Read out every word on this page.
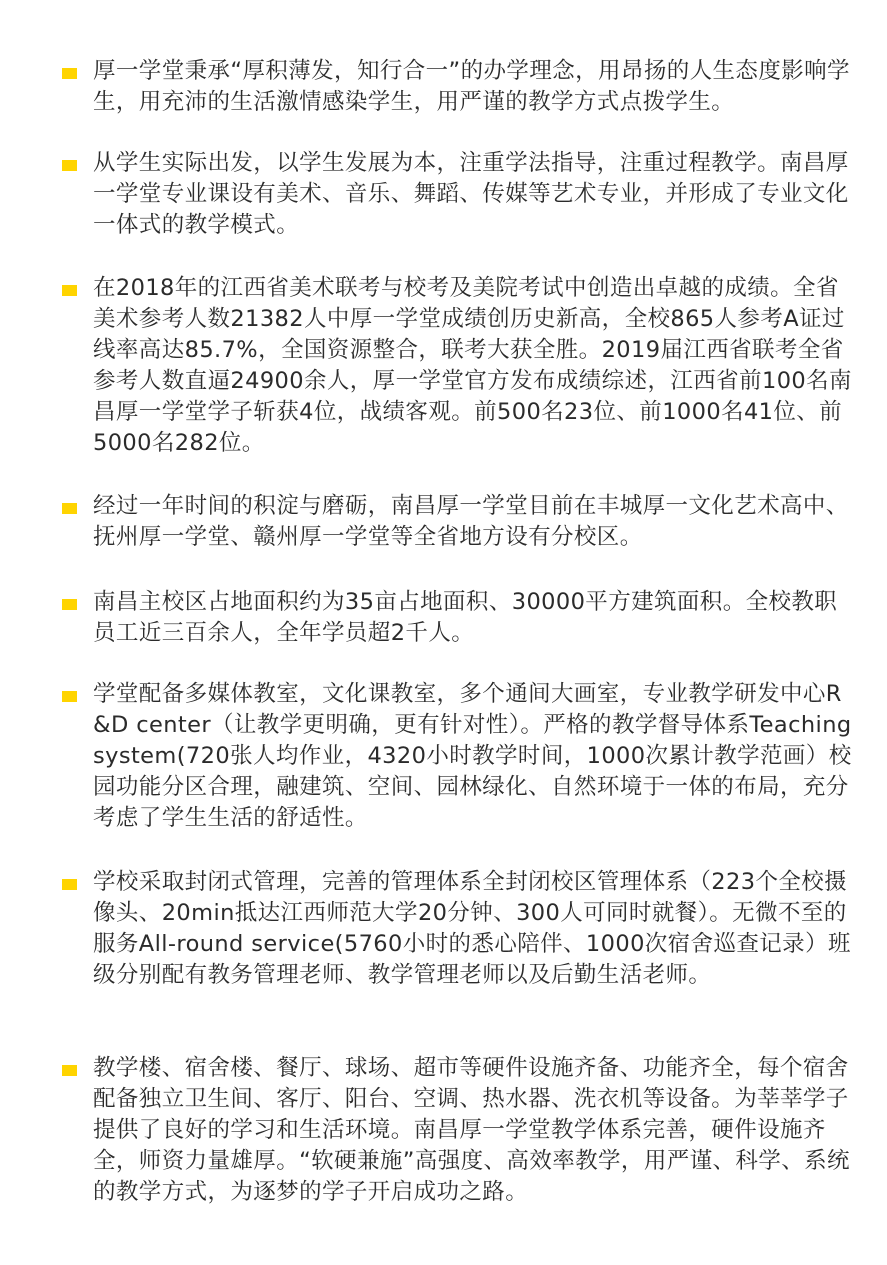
厚一学堂秉承“厚积薄发，知行合一”的办学理念，用昂扬的人生态度影响学生，用充沛的生活激情感染学生，用严谨的教学方式点拨学生。

从学生实际出发，以学生发展为本，注重学法指导，注重过程教学。南昌厚一学堂专业课设有美术、音乐、舞蹈、传媒等艺术专业，并形成了专业文化一体式的教学模式。

在2018年的江西省美术联考与校考及美院考试中创造出卓越的成绩。全省美术参考人数21382人中厚一学堂成绩创历史新高，全校865人参考A证过线率高达85.7%，全国资源整合，联考大获全胜。2019届江西省联考全省参考人数直逼24900余人，厚一学堂官方发布成绩综述，江西省前100名南昌厚一学堂学子斩获4位，战绩客观。前500名23位、前1000名41位、前5000名282位。

经过一年时间的积淀与磨砺，南昌厚一学堂目前在丰城厚一文化艺术高中、抚州厚一学堂、赣州厚一学堂等全省地方设有分校区。

南昌主校区占地面积约为35亩占地面积、30000平方建筑面积。全校教职员工近三百余人，全年学员超2千人。

学堂配备多媒体教室，文化课教室，多个通间大画室，专业教学研发中心R&D center（让教学更明确，更有针对性）。严格的教学督导体系Teaching system(720张人均作业，4320小时教学时间，1000次累计教学范画）校园功能分区合理，融建筑、空间、园林绿化、自然环境于一体的布局，充分考虑了学生生活的舒适性。

学校采取封闭式管理，完善的管理体系全封闭校区管理体系（223个全校摄像头、20min抵达江西师范大学20分钟、300人可同时就餐）。无微不至的服务All-round service(5760小时的悉心陪伴、1000次宿舍巡查记录）班级分别配有教务管理老师、教学管理老师以及后勤生活老师。

教学楼、宿舍楼、餐厅、球场、超市等硬件设施齐备、功能齐全，每个宿舍配备独立卫生间、客厅、阳台、空调、热水器、洗衣机等设备。为莘莘学子提供了良好的学习和生活环境。南昌厚一学堂教学体系完善，硬件设施齐全，师资力量雄厚。“软硬兼施”高强度、高效率教学，用严谨、科学、系统的教学方式，为逐梦的学子开启成功之路。
